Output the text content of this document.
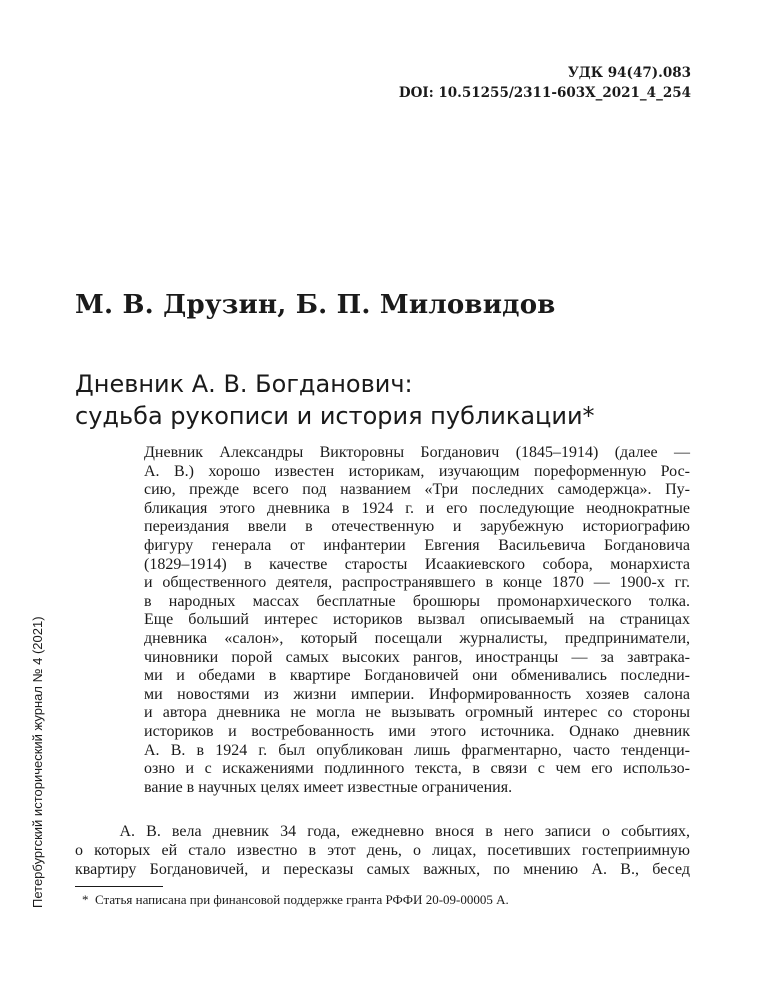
УДК 94(47).083
DOI: 10.51255/2311-603X_2021_4_254
М. В. Друзин, Б. П. Миловидов
Дневник А. В. Богданович:
судьба рукописи и история публикации*
Петербургский исторический журнал № 4 (2021)
Дневник Александры Викторовны Богданович (1845–1914) (далее —
А. В.) хорошо известен историкам, изучающим пореформенную Рос-
сию, прежде всего под названием «Три последних самодержца». Пу-
бликация этого дневника в 1924 г. и его последующие неоднократные
переиздания ввели в отечественную и зарубежную историографию
фигуру генерала от инфантерии Евгения Васильевича Богдановича
(1829–1914) в качестве старосты Исаакиевского собора, монархиста
и общественного деятеля, распространявшего в конце 1870 — 1900-х гг.
в народных массах бесплатные брошюры промонархического толка.
Еще больший интерес историков вызвал описываемый на страницах
дневника «салон», который посещали журналисты, предприниматели,
чиновники порой самых высоких рангов, иностранцы — за завтрака-
ми и обедами в квартире Богдановичей они обменивались последни-
ми новостями из жизни империи. Информированность хозяев салона
и автора дневника не могла не вызывать огромный интерес со стороны
историков и востребованность ими этого источника. Однако дневник
А. В. в 1924 г. был опубликован лишь фрагментарно, часто тенденци-
озно и с искажениями подлинного текста, в связи с чем его использо-
вание в научных целях имеет известные ограничения.
А. В. вела дневник 34 года, ежедневно внося в него записи о событиях,
о которых ей стало известно в этот день, о лицах, посетивших гостеприимную
квартиру Богдановичей, и пересказы самых важных, по мнению А. В., бесед
*  Статья написана при финансовой поддержке гранта РФФИ 20-09-00005 А.
